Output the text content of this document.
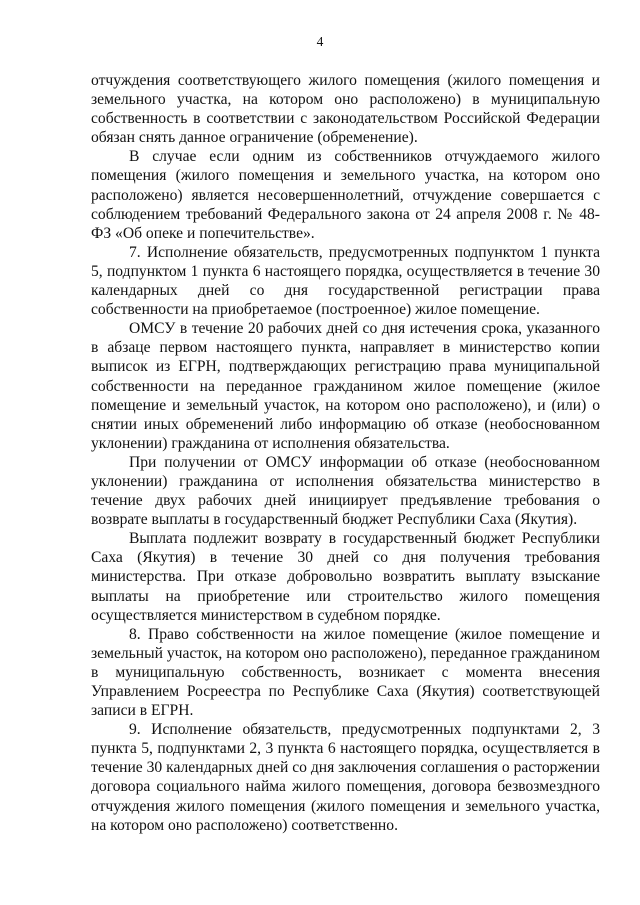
4

отчуждения соответствующего жилого помещения (жилого помещения и земельного участка, на котором оно расположено) в муниципальную собственность в соответствии с законодательством Российской Федерации обязан снять данное ограничение (обременение).

В случае если одним из собственников отчуждаемого жилого помещения (жилого помещения и земельного участка, на котором оно расположено) является несовершеннолетний, отчуждение совершается с соблюдением требований Федерального закона от 24 апреля 2008 г. № 48-ФЗ «Об опеке и попечительстве».

7. Исполнение обязательств, предусмотренных подпунктом 1 пункта 5, подпунктом 1 пункта 6 настоящего порядка, осуществляется в течение 30 календарных дней со дня государственной регистрации права собственности на приобретаемое (построенное) жилое помещение.

ОМСУ в течение 20 рабочих дней со дня истечения срока, указанного в абзаце первом настоящего пункта, направляет в министерство копии выписок из ЕГРН, подтверждающих регистрацию права муниципальной собственности на переданное гражданином жилое помещение (жилое помещение и земельный участок, на котором оно расположено), и (или) о снятии иных обременений либо информацию об отказе (необоснованном уклонении) гражданина от исполнения обязательства.

При получении от ОМСУ информации об отказе (необоснованном уклонении) гражданина от исполнения обязательства министерство в течение двух рабочих дней инициирует предъявление требования о возврате выплаты в государственный бюджет Республики Саха (Якутия).

Выплата подлежит возврату в государственный бюджет Республики Саха (Якутия) в течение 30 дней со дня получения требования министерства. При отказе добровольно возвратить выплату взыскание выплаты на приобретение или строительство жилого помещения осуществляется министерством в судебном порядке.

8. Право собственности на жилое помещение (жилое помещение и земельный участок, на котором оно расположено), переданное гражданином в муниципальную собственность, возникает с момента внесения Управлением Росреестра по Республике Саха (Якутия) соответствующей записи в ЕГРН.

9. Исполнение обязательств, предусмотренных подпунктами 2, 3 пункта 5, подпунктами 2, 3 пункта 6 настоящего порядка, осуществляется в течение 30 календарных дней со дня заключения соглашения о расторжении договора социального найма жилого помещения, договора безвозмездного отчуждения жилого помещения (жилого помещения и земельного участка, на котором оно расположено) соответственно.
